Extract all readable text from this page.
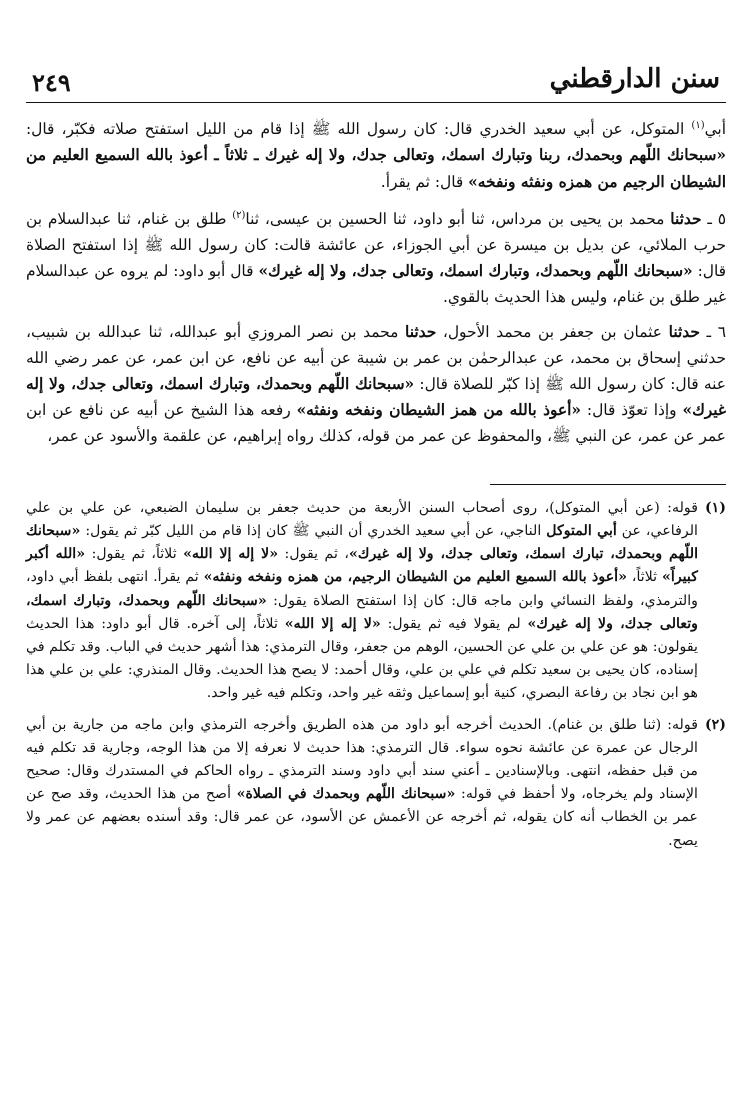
سنن الدارقطني
٢٤٩

أبي$^{(١)}$ المتوكل، عن أبي سعيد الخدري قال: كان رسول الله ﷺ إذا قام من الليل استفتح صلاته فكبّر، قال: «سبحانك اللّهم وبحمدك، ربنا وتبارك اسمك، وتعالى جدك، ولا إله غيرك ـ ثلاثاً ـ أعوذ بالله السميع العليم من الشيطان الرجيم من همزه ونفثه ونفخه» قال: ثم يقرأ.

٥ ـ حدثنا محمد بن يحيى بن مرداس، ثنا أبو داود، ثنا الحسين بن عيسى، ثنا$^{(٢)}$ طلق بن غنام، ثنا عبدالسلام بن حرب الملائي، عن بديل بن ميسرة عن أبي الجوزاء، عن عائشة قالت: كان رسول الله ﷺ إذا استفتح الصلاة قال: «سبحانك اللّهم وبحمدك، وتبارك اسمك، وتعالى جدك، ولا إله غيرك» قال أبو داود: لم يروه عن عبدالسلام غير طلق بن غنام، وليس هذا الحديث بالقوي.

٦ ـ حدثنا عثمان بن جعفر بن محمد الأحول، حدثنا محمد بن نصر المروزي أبو عبدالله، ثنا عبدالله بن شبيب، حدثني إسحاق بن محمد، عن عبدالرحمٰن بن عمر بن شيبة عن أبيه عن نافع، عن ابن عمر، عن عمر رضي الله عنه قال: كان رسول الله ﷺ إذا كبّر للصلاة قال: «سبحانك اللّهم وبحمدك، وتبارك اسمك، وتعالى جدك، ولا إله غيرك» وإذا تعوّذ قال: «أعوذ بالله من همز الشيطان ونفخه ونفثه» رفعه هذا الشيخ عن أبيه عن نافع عن ابن عمر عن عمر، عن النبي ﷺ، والمحفوظ عن عمر من قوله، كذلك رواه إبراهيم، عن علقمة والأسود عن عمر،

(١)
قوله: (عن أبي المتوكل)، روى أصحاب السنن الأربعة من حديث جعفر بن سليمان الضبعي، عن علي بن علي الرفاعي، عن أبي المتوكل الناجي، عن أبي سعيد الخدري أن النبي ﷺ كان إذا قام من الليل كبّر ثم يقول: «سبحانك اللّهم وبحمدك، تبارك اسمك، وتعالى جدك، ولا إله غيرك»، ثم يقول: «لا إله إلا الله» ثلاثاً، ثم يقول: «الله أكبر كبيراً» ثلاثاً، «أعوذ بالله السميع العليم من الشيطان الرجيم، من همزه ونفخه ونفثه» ثم يقرأ. انتهى بلفظ أبي داود، والترمذي، ولفظ النسائي وابن ماجه قال: كان إذا استفتح الصلاة يقول: «سبحانك اللّهم وبحمدك، وتبارك اسمك، وتعالى جدك، ولا إله غيرك» لم يقولا فيه ثم يقول: «لا إله إلا الله» ثلاثاً، إلى آخره. قال أبو داود: هذا الحديث يقولون: هو عن علي بن علي عن الحسين، الوهم من جعفر، وقال الترمذي: هذا أشهر حديث في الباب. وقد تكلم في إسناده، كان يحيى بن سعيد تكلم في علي بن علي، وقال أحمد: لا يصح هذا الحديث. وقال المنذري: علي بن علي هذا هو ابن نجاد بن رفاعة البصري، كنية أبو إسماعيل وثقه غير واحد، وتكلم فيه غير واحد.
(٢)
قوله: (ثنا طلق بن غنام). الحديث أخرجه أبو داود من هذه الطريق وأخرجه الترمذي وابن ماجه من جارية بن أبي الرجال عن عمرة عن عائشة نحوه سواء. قال الترمذي: هذا حديث لا نعرفه إلا من هذا الوجه، وجارية قد تكلم فيه من قبل حفظه، انتهى. وبالإسنادين ـ أعني سند أبي داود وسند الترمذي ـ رواه الحاكم في المستدرك وقال: صحيح الإسناد ولم يخرجاه، ولا أحفظ في قوله: «سبحانك اللّهم وبحمدك في الصلاة» أصح من هذا الحديث، وقد صح عن عمر بن الخطاب أنه كان يقوله، ثم أخرجه عن الأعمش عن الأسود، عن عمر قال: وقد أسنده بعضهم عن عمر ولا يصح.
